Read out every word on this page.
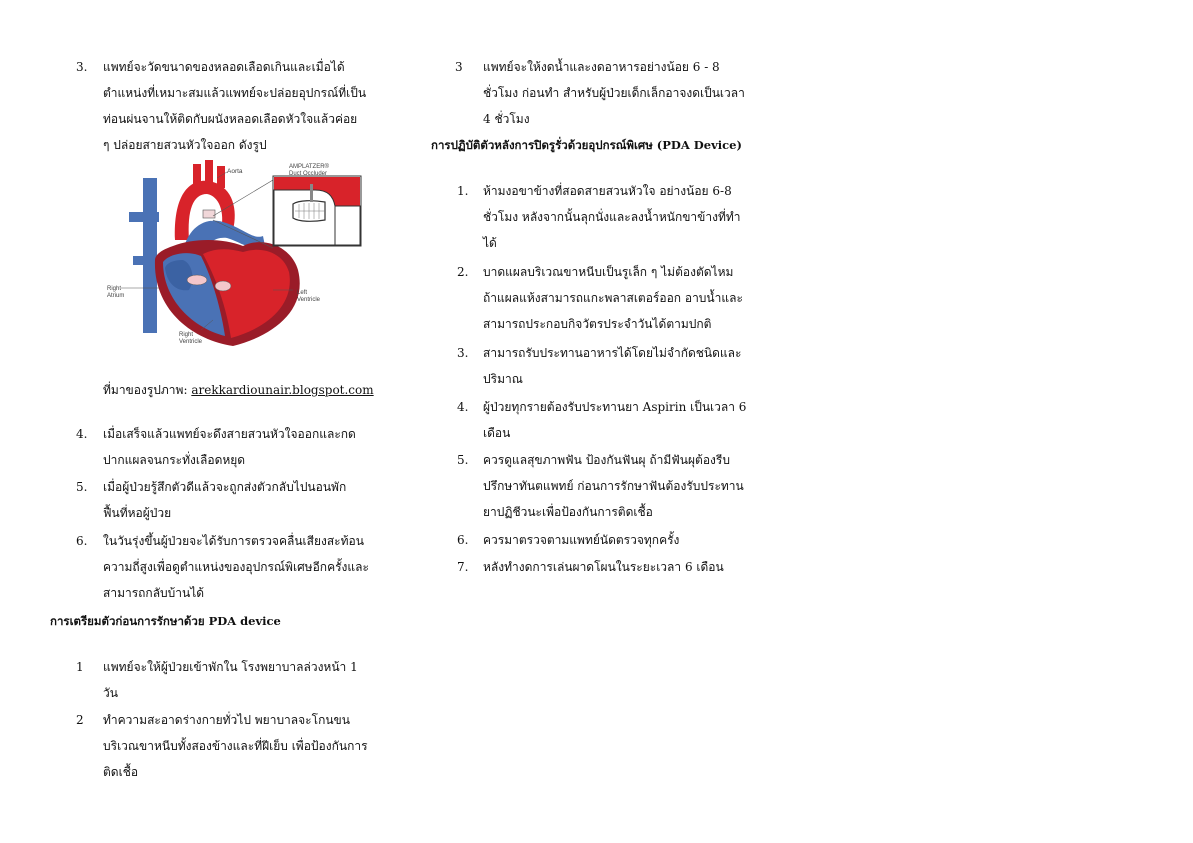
3. แพทย์จะวัดขนาดของหลอดเลือดเกินและเมื่อได้
ตำแหน่งที่เหมาะสมแล้วแพทย์จะปล่อยอุปกรณ์ที่เป็น
ท่อนผ่นจานให้ติดกับผนังหลอดเลือดหัวใจแล้วค่อย
ๆ ปล่อยสายสวนหัวใจออก ดังรูป
Aorta
AMPLATZER®
Duct Occluder
Right
Atrium	Left
Ventricle
Right
Ventricle
ที่มาของรูปภาพ: arekkardiounair.blogspot.com
4. เมื่อเสร็จแล้วแพทย์จะดึงสายสวนหัวใจออกและกด
ปากแผลจนกระทั่งเลือดหยุด
5. เมื่อผู้ป่วยรู้สึกตัวดีแล้วจะถูกส่งตัวกลับไปนอนพัก
ฟื้นที่หอผู้ป่วย
6. ในวันรุ่งขึ้นผู้ป่วยจะได้รับการตรวจคลื่นเสียงสะท้อน
ความถี่สูงเพื่อดูตำแหน่งของอุปกรณ์พิเศษอีกครั้งและ
สามารถกลับบ้านได้
การเตรียมตัวก่อนการรักษาด้วย PDA device
1 แพทย์จะให้ผู้ป่วยเข้าพักใน โรงพยาบาลล่วงหน้า 1
วัน
2 ทำความสะอาดร่างกายทั่วไป พยาบาลจะโกนขน
บริเวณขาหนีบทั้งสองข้างและที่ฝีเย็บ เพื่อป้องกันการ
ติดเชื้อ
3 แพทย์จะให้งดน้ำและงดอาหารอย่างน้อย 6 - 8
ชั่วโมง ก่อนทำ สำหรับผู้ป่วยเด็กเล็กอาจงดเป็นเวลา
4 ชั่วโมง
การปฏิบัติตัวหลังการปิดรูรั่วด้วยอุปกรณ์พิเศษ (PDA Device)
1. ห้ามงอขาข้างที่สอดสายสวนหัวใจ อย่างน้อย 6-8
ชั่วโมง หลังจากนั้นลุกนั่งและลงน้ำหนักขาข้างที่ทำ
ได้
2. บาดแผลบริเวณขาหนีบเป็นรูเล็ก ๆ ไม่ต้องตัดไหม
ถ้าแผลแห้งสามารถแกะพลาสเตอร์ออก อาบน้ำและ
สามารถประกอบกิจวัตรประจำวันได้ตามปกติ
3. สามารถรับประทานอาหารได้โดยไม่จำกัดชนิดและ
ปริมาณ
4. ผู้ป่วยทุกรายต้องรับประทานยา Aspirin เป็นเวลา 6
เดือน
5. ควรดูแลสุขภาพฟัน ป้องกันฟันผุ ถ้ามีฟันผุต้องรีบ
ปรึกษาทันตแพทย์ ก่อนการรักษาฟันต้องรับประทาน
ยาปฏิชีวนะเพื่อป้องกันการติดเชื้อ
6. ควรมาตรวจตามแพทย์นัดตรวจทุกครั้ง
7. หลังทำงดการเล่นผาดโผนในระยะเวลา 6 เดือน
